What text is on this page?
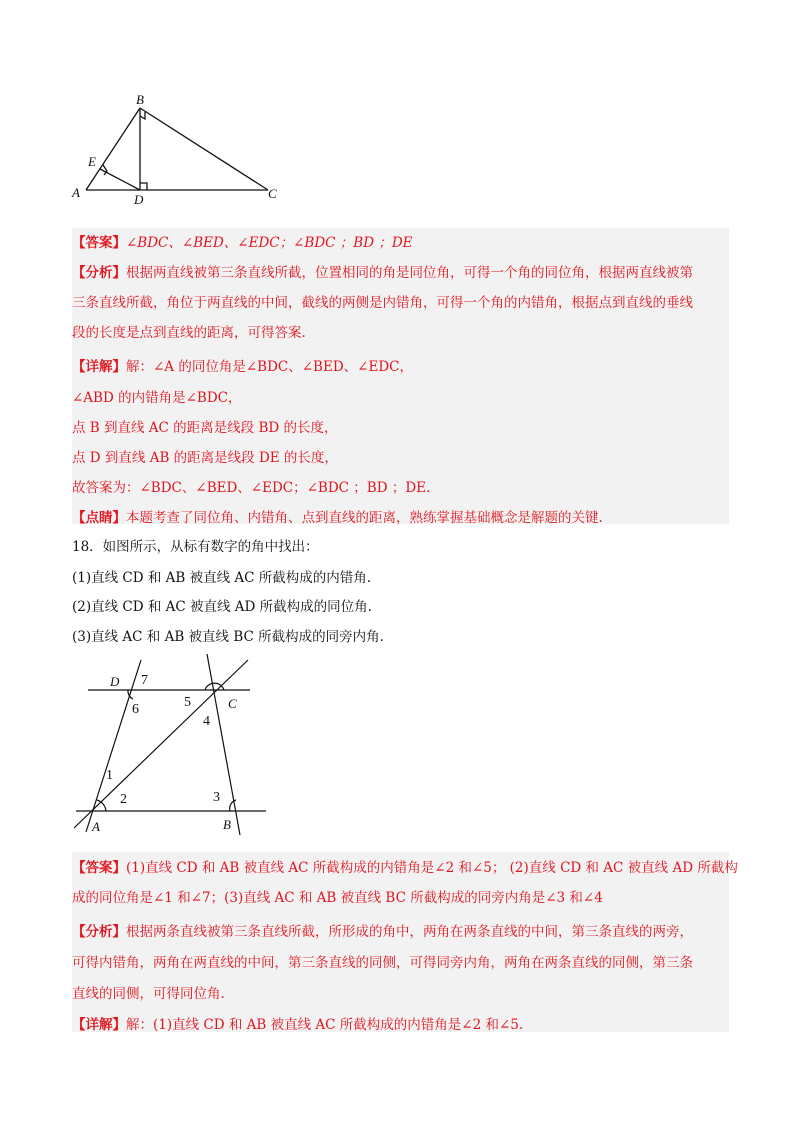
B
E
A	D	C
【答案】∠BDC、∠BED、∠EDC；∠BDC ；BD ；DE
【分析】根据两直线被第三条直线所截，位置相同的角是同位角，可得一个角的同位角，根据两直线被第
三条直线所截，角位于两直线的中间，截线的两侧是内错角，可得一个角的内错角，根据点到直线的垂线
段的长度是点到直线的距离，可得答案.
【详解】解：∠A 的同位角是∠BDC、∠BED、∠EDC，
∠ABD 的内错角是∠BDC，
点 B 到直线 AC 的距离是线段 BD 的长度，
点 D 到直线 AB 的距离是线段 DE 的长度，
故答案为：∠BDC、∠BED、∠EDC；∠BDC ；BD ；DE.
【点睛】本题考查了同位角、内错角、点到直线的距离，熟练掌握基础概念是解题的关键.
18．如图所示，从标有数字的角中找出：
(1)直线 CD 和 AB 被直线 AC 所截构成的内错角.
(2)直线 CD 和 AC 被直线 AD 所截构成的同位角.
(3)直线 AC 和 AB 被直线 BC 所截构成的同旁内角.
D
C
A	B
7
6	5
4
1
2	3
【答案】(1)直线 CD 和 AB 被直线 AC 所截构成的内错角是∠2 和∠5； (2)直线 CD 和 AC 被直线 AD 所截构
成的同位角是∠1 和∠7；(3)直线 AC 和 AB 被直线 BC 所截构成的同旁内角是∠3 和∠4
【分析】根据两条直线被第三条直线所截，所形成的角中，两角在两条直线的中间，第三条直线的两旁，
可得内错角，两角在两直线的中间，第三条直线的同侧，可得同旁内角，两角在两条直线的同侧，第三条
直线的同侧，可得同位角.
【详解】解：(1)直线 CD 和 AB 被直线 AC 所截构成的内错角是∠2 和∠5.
